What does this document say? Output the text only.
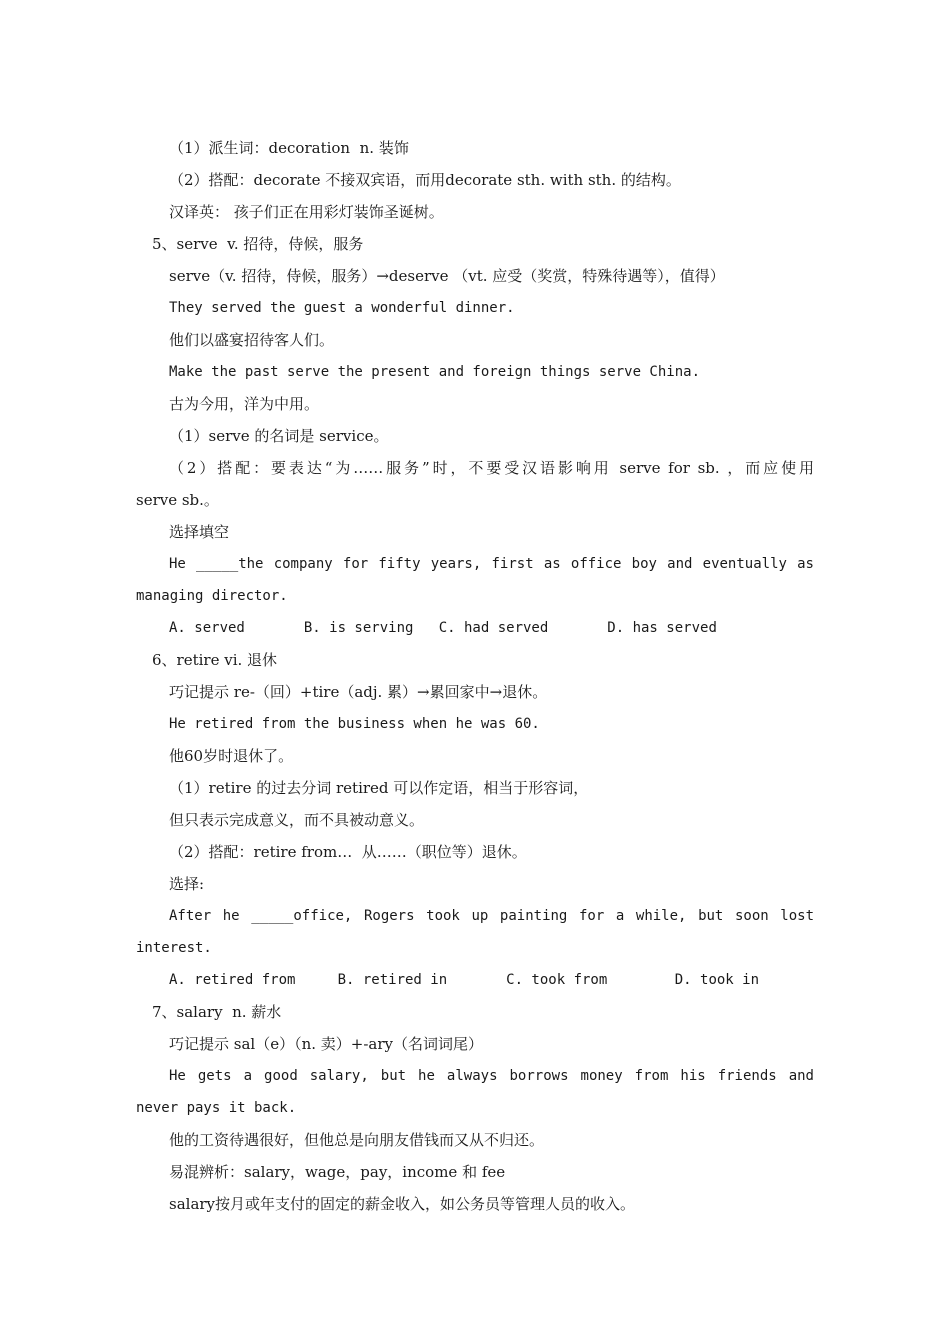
（1）派生词：decoration  n. 装饰
（2）搭配：decorate 不接双宾语，而用decorate sth. with sth. 的结构。
汉译英： 孩子们正在用彩灯装饰圣诞树。
5、serve  v. 招待，侍候，服务
serve（v. 招待，侍候，服务）→deserve （vt. 应受（奖赏，特殊待遇等），值得）
They served the guest a wonderful dinner.
他们以盛宴招待客人们。
Make the past serve the present and foreign things serve China.
古为今用，洋为中用。
（1）serve 的名词是 service。
（2）搭配：要表达“为……服务”时，不要受汉语影响用 serve for sb. ，而应使用
serve sb.。
选择填空
He _____the company for fifty years, first as office boy and eventually as
managing director.
A. served       B. is serving   C. had served       D. has served
6、retire vi. 退休
巧记提示 re-（回）+tire（adj. 累）→累回家中→退休。
He retired from the business when he was 60.
他60岁时退休了。
（1）retire 的过去分词 retired 可以作定语，相当于形容词，
但只表示完成意义，而不具被动意义。
（2）搭配：retire from…  从……（职位等）退休。
选择:
After he _____office, Rogers took up painting for a while, but soon lost
interest.
A. retired from     B. retired in       C. took from        D. took in
7、salary  n. 薪水
巧记提示 sal（e）（n. 卖）+-ary（名词词尾）
He gets a good salary, but he always borrows money from his friends and
never pays it back.
他的工资待遇很好，但他总是向朋友借钱而又从不归还。
易混辨析：salary，wage，pay，income 和 fee
salary按月或年支付的固定的薪金收入，如公务员等管理人员的收入。
